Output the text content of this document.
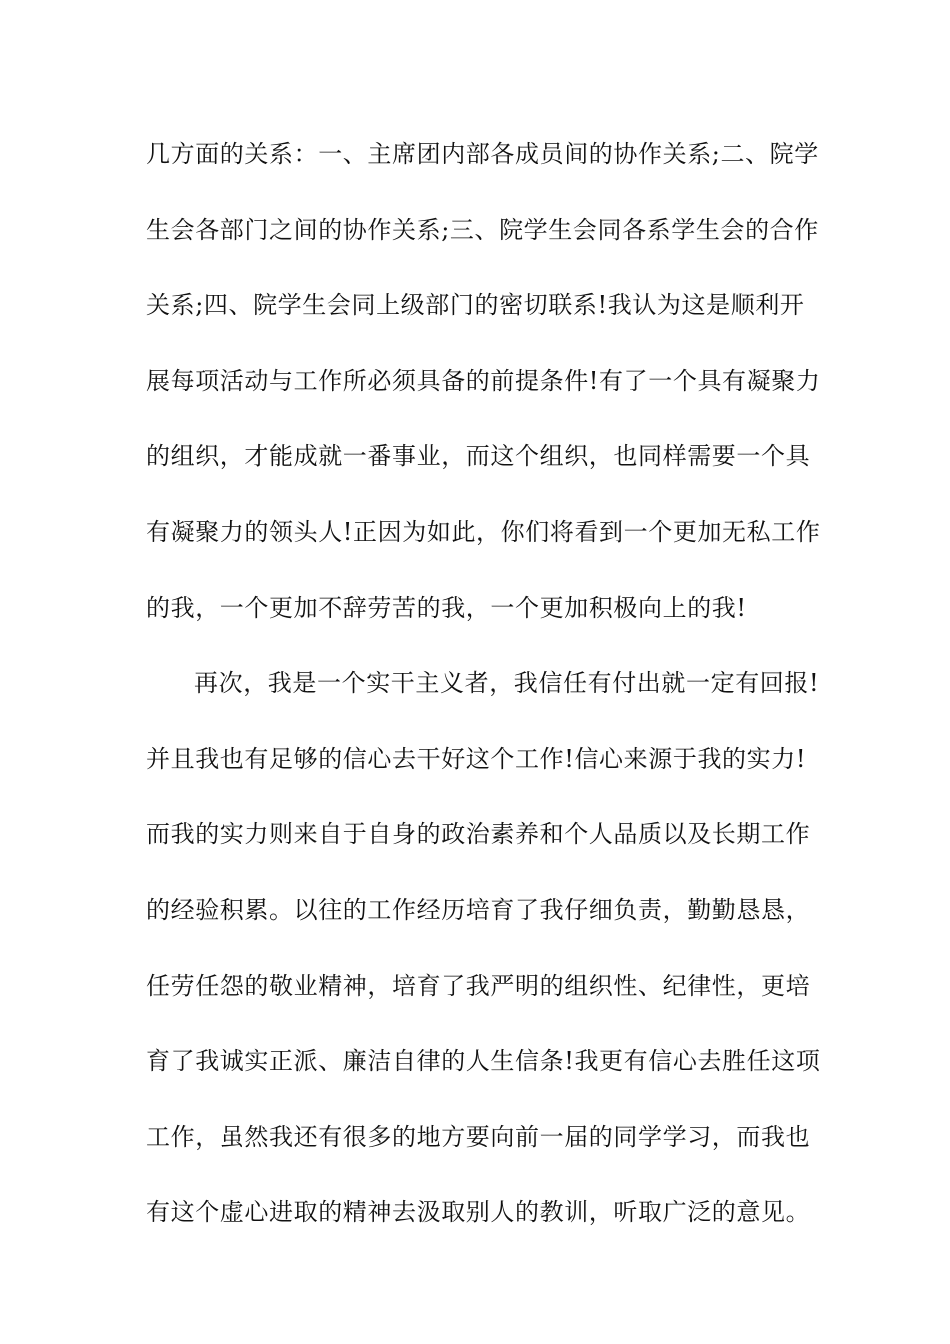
几方面的关系：一、主席团内部各成员间的协作关系;二、院学
生会各部门之间的协作关系;三、院学生会同各系学生会的合作
关系;四、院学生会同上级部门的密切联系!我认为这是顺利开
展每项活动与工作所必须具备的前提条件!有了一个具有凝聚力
的组织，才能成就一番事业，而这个组织，也同样需要一个具
有凝聚力的领头人!正因为如此，你们将看到一个更加无私工作
的我，一个更加不辞劳苦的我，一个更加积极向上的我!
再次，我是一个实干主义者，我信任有付出就一定有回报!
并且我也有足够的信心去干好这个工作!信心来源于我的实力!
而我的实力则来自于自身的政治素养和个人品质以及长期工作
的经验积累。以往的工作经历培育了我仔细负责，勤勤恳恳，
任劳任怨的敬业精神，培育了我严明的组织性、纪律性，更培
育了我诚实正派、廉洁自律的人生信条!我更有信心去胜任这项
工作，虽然我还有很多的地方要向前一届的同学学习，而我也
有这个虚心进取的精神去汲取别人的教训，听取广泛的意见。
